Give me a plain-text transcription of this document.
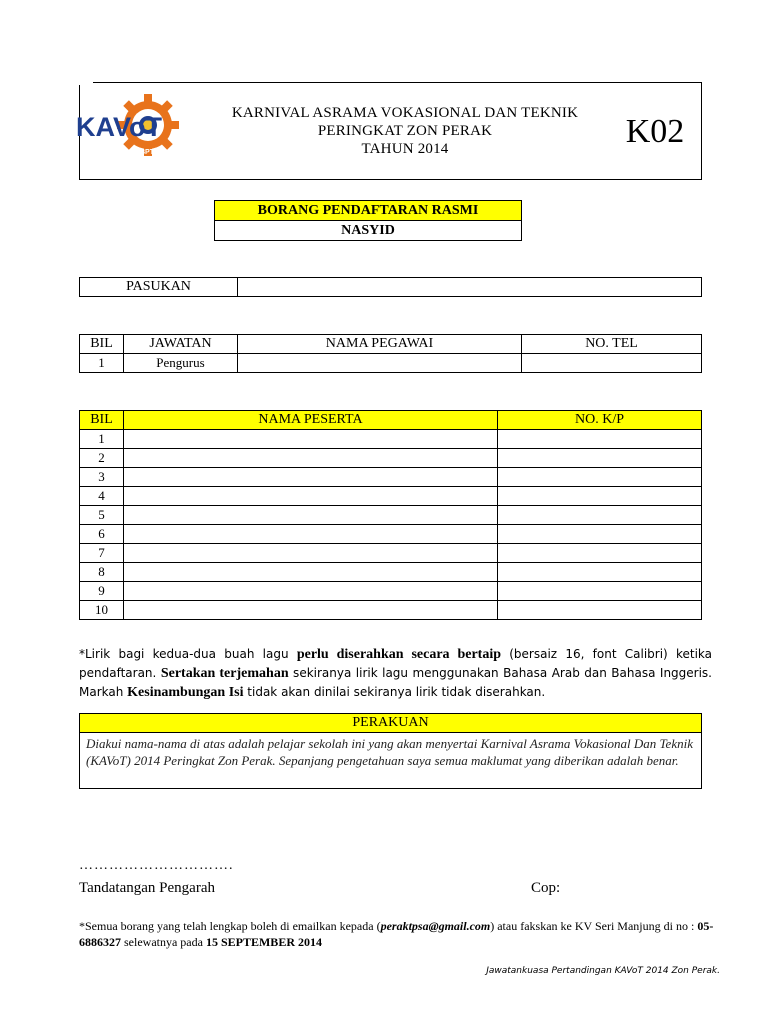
KAVoT
BPTV
KARNIVAL ASRAMA VOKASIONAL DAN TEKNIK
PERINGKAT ZON PERAK
TAHUN 2014	K02
BORANG PENDAFTARAN RASMI
NASYID
PASUKAN	
BIL	JAWATAN	NAMA PEGAWAI	NO. TEL
1	Pengurus		
BIL	NAMA PESERTA	NO. K/P
1		
2		
3		
4		
5		
6		
7		
8		
9		
10		
*Lirik bagi kedua-dua buah lagu perlu diserahkan secara bertaip (bersaiz 16, font Calibri) ketika pendaftaran. Sertakan terjemahan sekiranya lirik lagu menggunakan Bahasa Arab dan Bahasa Inggeris. Markah Kesinambungan Isi tidak akan dinilai sekiranya lirik tidak diserahkan.
PERAKUAN
Diakui nama-nama di atas adalah pelajar sekolah ini yang akan menyertai Karnival Asrama Vokasional Dan Teknik (KAVoT) 2014 Peringkat Zon Perak. Sepanjang pengetahuan saya semua maklumat yang diberikan adalah benar.
………………………….
Tandatangan Pengarah	Cop:
*Semua borang yang telah lengkap boleh di emailkan kepada (peraktpsa@gmail.com) atau fakskan ke KV Seri Manjung di no : 05-6886327 selewatnya pada 15 SEPTEMBER 2014
Jawatankuasa Pertandingan KAVoT 2014 Zon Perak.
